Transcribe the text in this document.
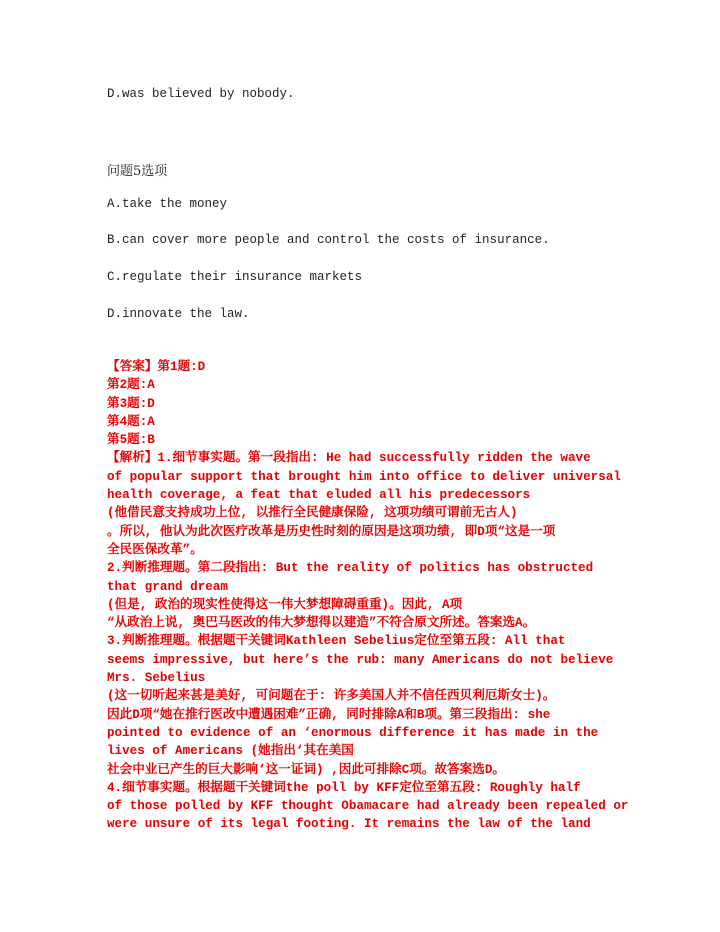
D.was believed by nobody.
问题5选项
A.take the money
B.can cover more people and control the costs of insurance.
C.regulate their insurance markets
D.innovate the law.
【答案】第1题:D
第2题:A
第3题:D
第4题:A
第5题:B
【解析】1.细节事实题。第一段指出: He had successfully ridden the wave
of popular support that brought him into office to deliver universal
health coverage, a feat that eluded all his predecessors
(他借民意支持成功上位, 以推行全民健康保险, 这项功绩可谓前无古人)
。所以, 他认为此次医疗改革是历史性时刻的原因是这项功绩, 即D项“这是一项
全民医保改革”。
2.判断推理题。第二段指出: But the reality of politics has obstructed
that grand dream
(但是, 政治的现实性使得这一伟大梦想障碍重重)。因此, A项
“从政治上说, 奥巴马医改的伟大梦想得以建造”不符合原文所述。答案选A。
3.判断推理题。根据题干关键词Kathleen Sebelius定位至第五段: All that
seems impressive, but here’s the rub: many Americans do not believe
Mrs. Sebelius
(这一切听起来甚是美好, 可问题在于: 许多美国人并不信任西贝利厄斯女士)。
因此D项“她在推行医改中遭遇困难”正确, 同时排除A和B项。第三段指出: she
pointed to evidence of an ‘enormous difference it has made in the
lives of Americans (她指出‘其在美国
社会中业已产生的巨大影响‘这一证词) ,因此可排除C项。故答案选D。
4.细节事实题。根据题干关键词the poll by KFF定位至第五段: Roughly half
of those polled by KFF thought Obamacare had already been repealed or
were unsure of its legal footing. It remains the law of the land
